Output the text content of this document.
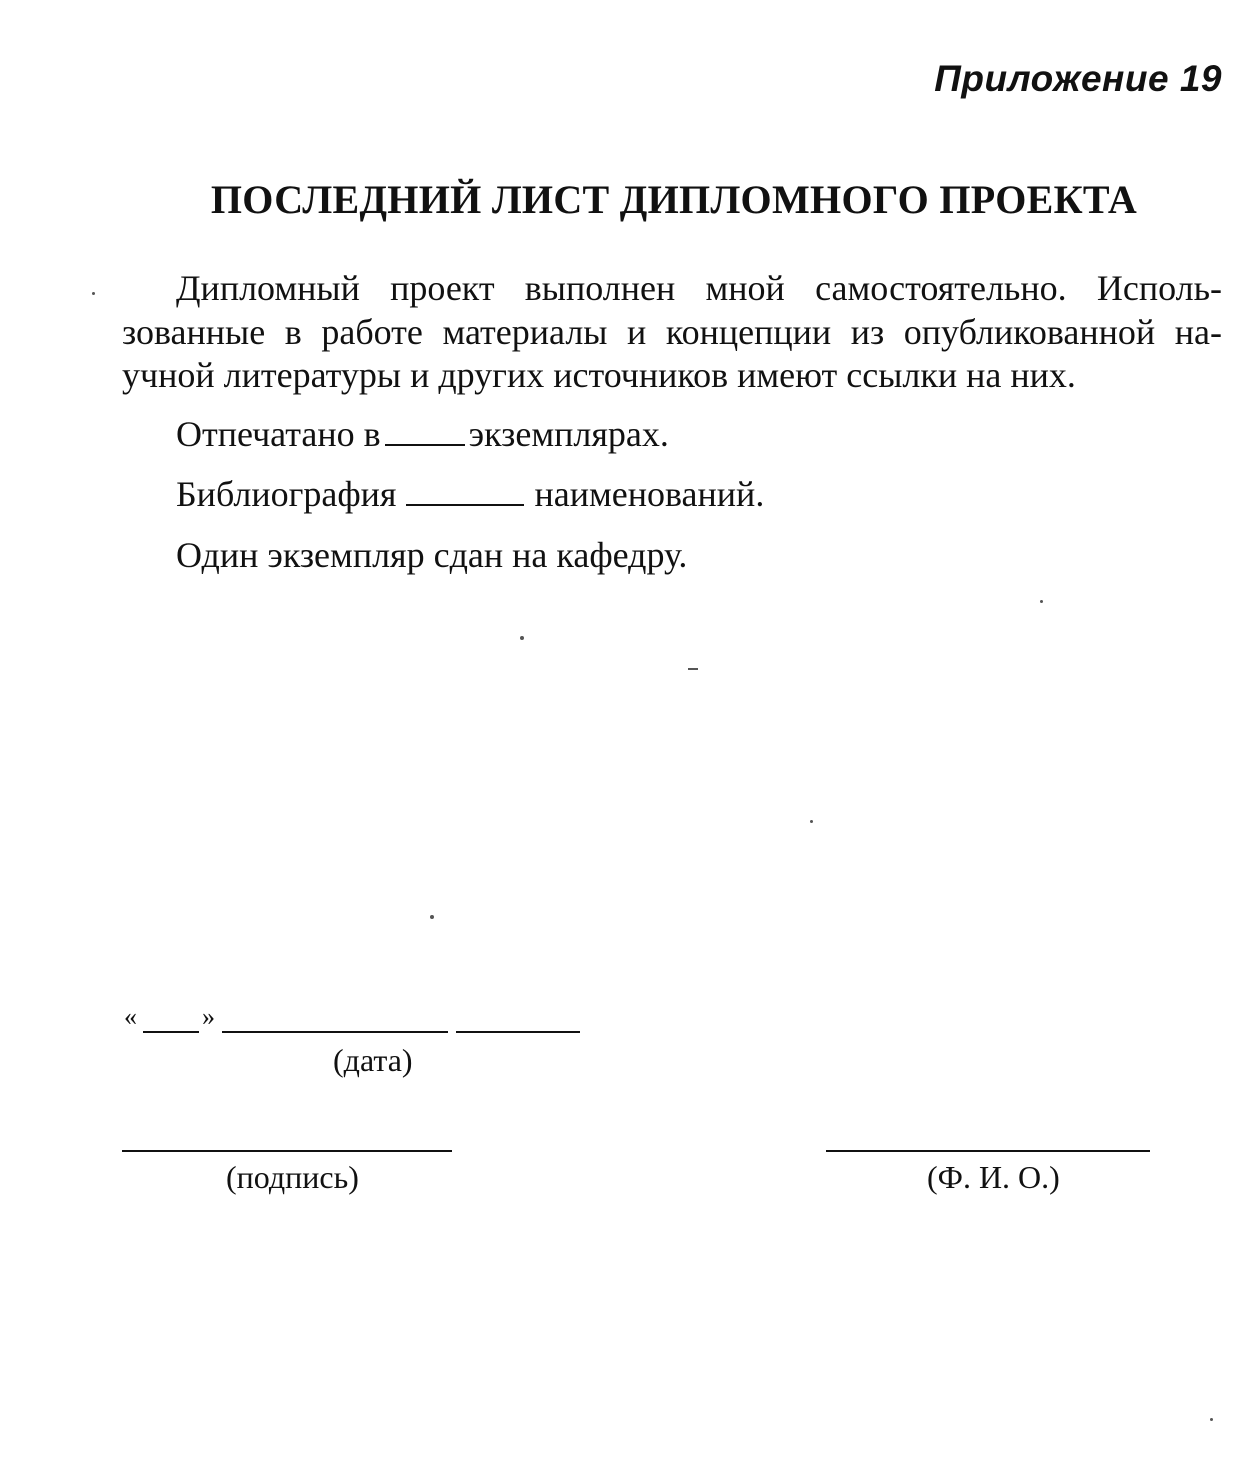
Приложение 19
ПОСЛЕДНИЙ ЛИСТ ДИПЛОМНОГО ПРОЕКТА
Дипломный проект выполнен мной самостоятельно. Исполь-
зованные в работе материалы и концепции из опубликованной на-
учной литературы и других источников имеют ссылки на них.
Отпечатано в экземплярах.
Библиография	наименований.
Один экземпляр сдан на кафедру.
«	»
(дата)
(подпись)	(Ф. И. О.)
